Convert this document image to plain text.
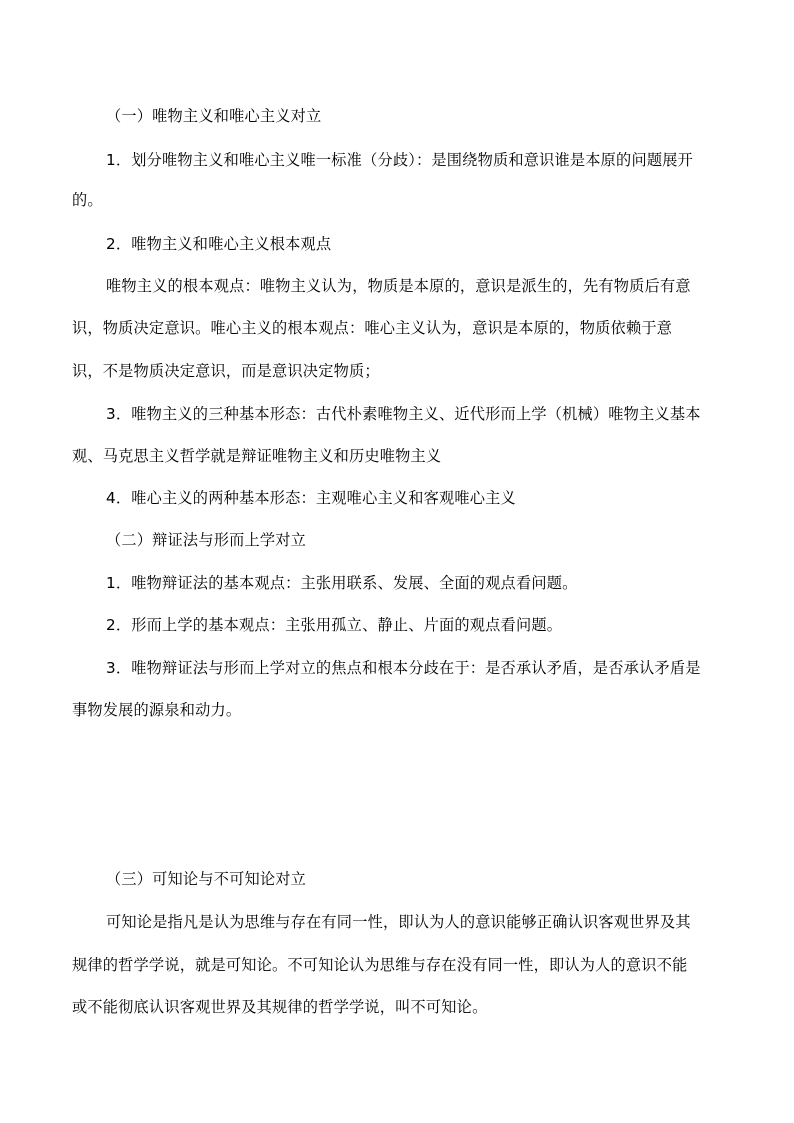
（一）唯物主义和唯心主义对立
1．划分唯物主义和唯心主义唯一标准（分歧）：是围绕物质和意识谁是本原的问题展开
的。
2．唯物主义和唯心主义根本观点
唯物主义的根本观点：唯物主义认为，物质是本原的，意识是派生的，先有物质后有意
识，物质决定意识。唯心主义的根本观点：唯心主义认为，意识是本原的，物质依赖于意
识，不是物质决定意识，而是意识决定物质；
3．唯物主义的三种基本形态：古代朴素唯物主义、近代形而上学（机械）唯物主义基本
观、马克思主义哲学就是辩证唯物主义和历史唯物主义
4．唯心主义的两种基本形态：主观唯心主义和客观唯心主义
（二）辩证法与形而上学对立
1．唯物辩证法的基本观点：主张用联系、发展、全面的观点看问题。
2．形而上学的基本观点：主张用孤立、静止、片面的观点看问题。
3．唯物辩证法与形而上学对立的焦点和根本分歧在于：是否承认矛盾，是否承认矛盾是
事物发展的源泉和动力。
（三）可知论与不可知论对立
可知论是指凡是认为思维与存在有同一性，即认为人的意识能够正确认识客观世界及其
规律的哲学学说，就是可知论。不可知论认为思维与存在没有同一性，即认为人的意识不能
或不能彻底认识客观世界及其规律的哲学学说，叫不可知论。
